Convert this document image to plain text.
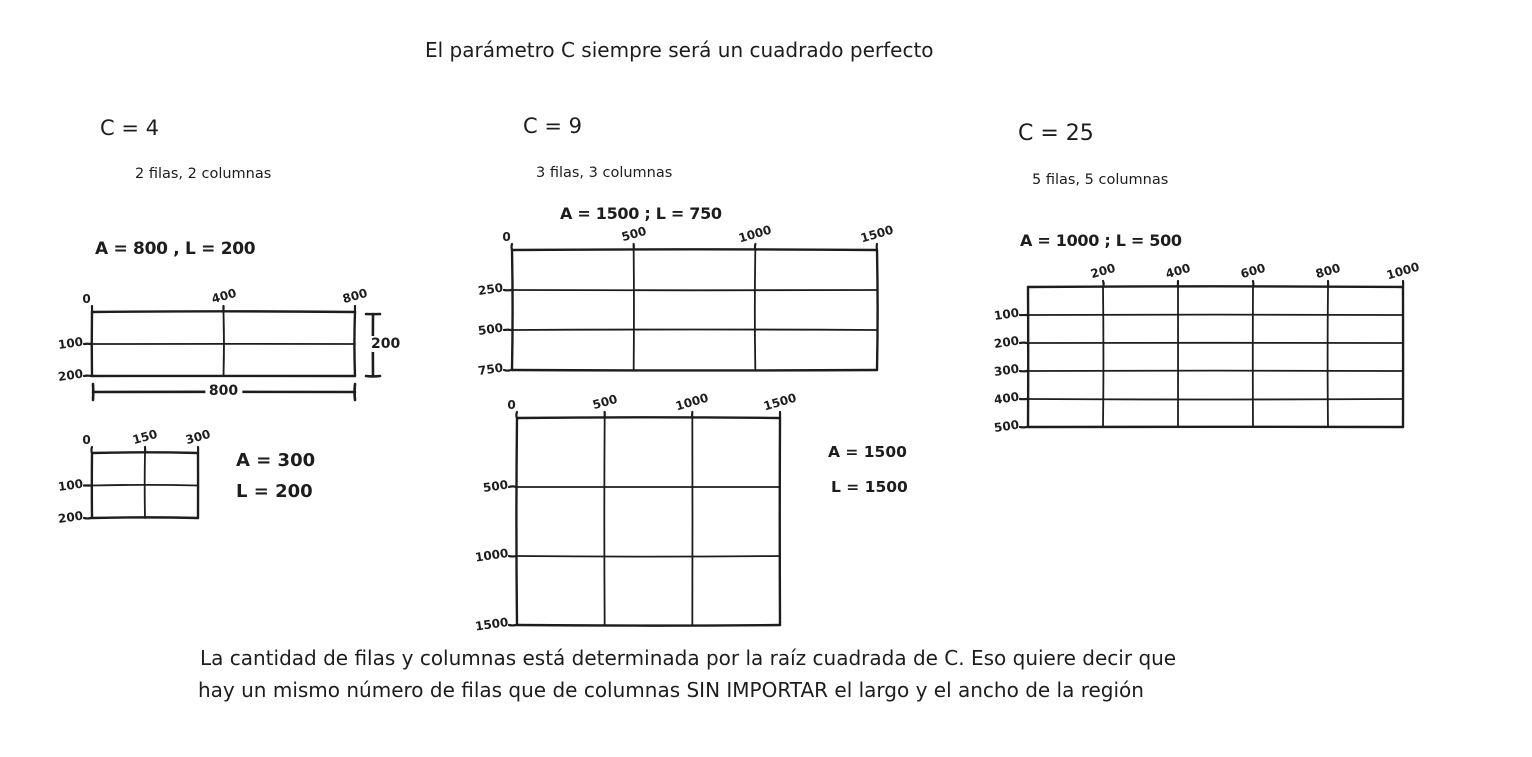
El parámetro C siempre será un cuadrado perfecto
C = 4
2 filas, 2 columnas
A = 800 , L = 200
A = 300
L = 200
C = 9
3 filas, 3 columnas
A = 1500 ; L = 750
A = 1500
L = 1500
C = 25
5 filas, 5 columnas
A = 1000 ; L = 500
La cantidad de filas y columnas está determinada por la raíz cuadrada de C. Eso quiere decir que
hay un mismo número de filas que de columnas SIN IMPORTAR el largo y el ancho de la región
0	400	800
100
200
800
200
0	150 300
100
200
0	500	1000	1500
250
500
750
0	500	1000	1500
500
1000
1500
200	400	600	800	1000
100
200
300
400
500
